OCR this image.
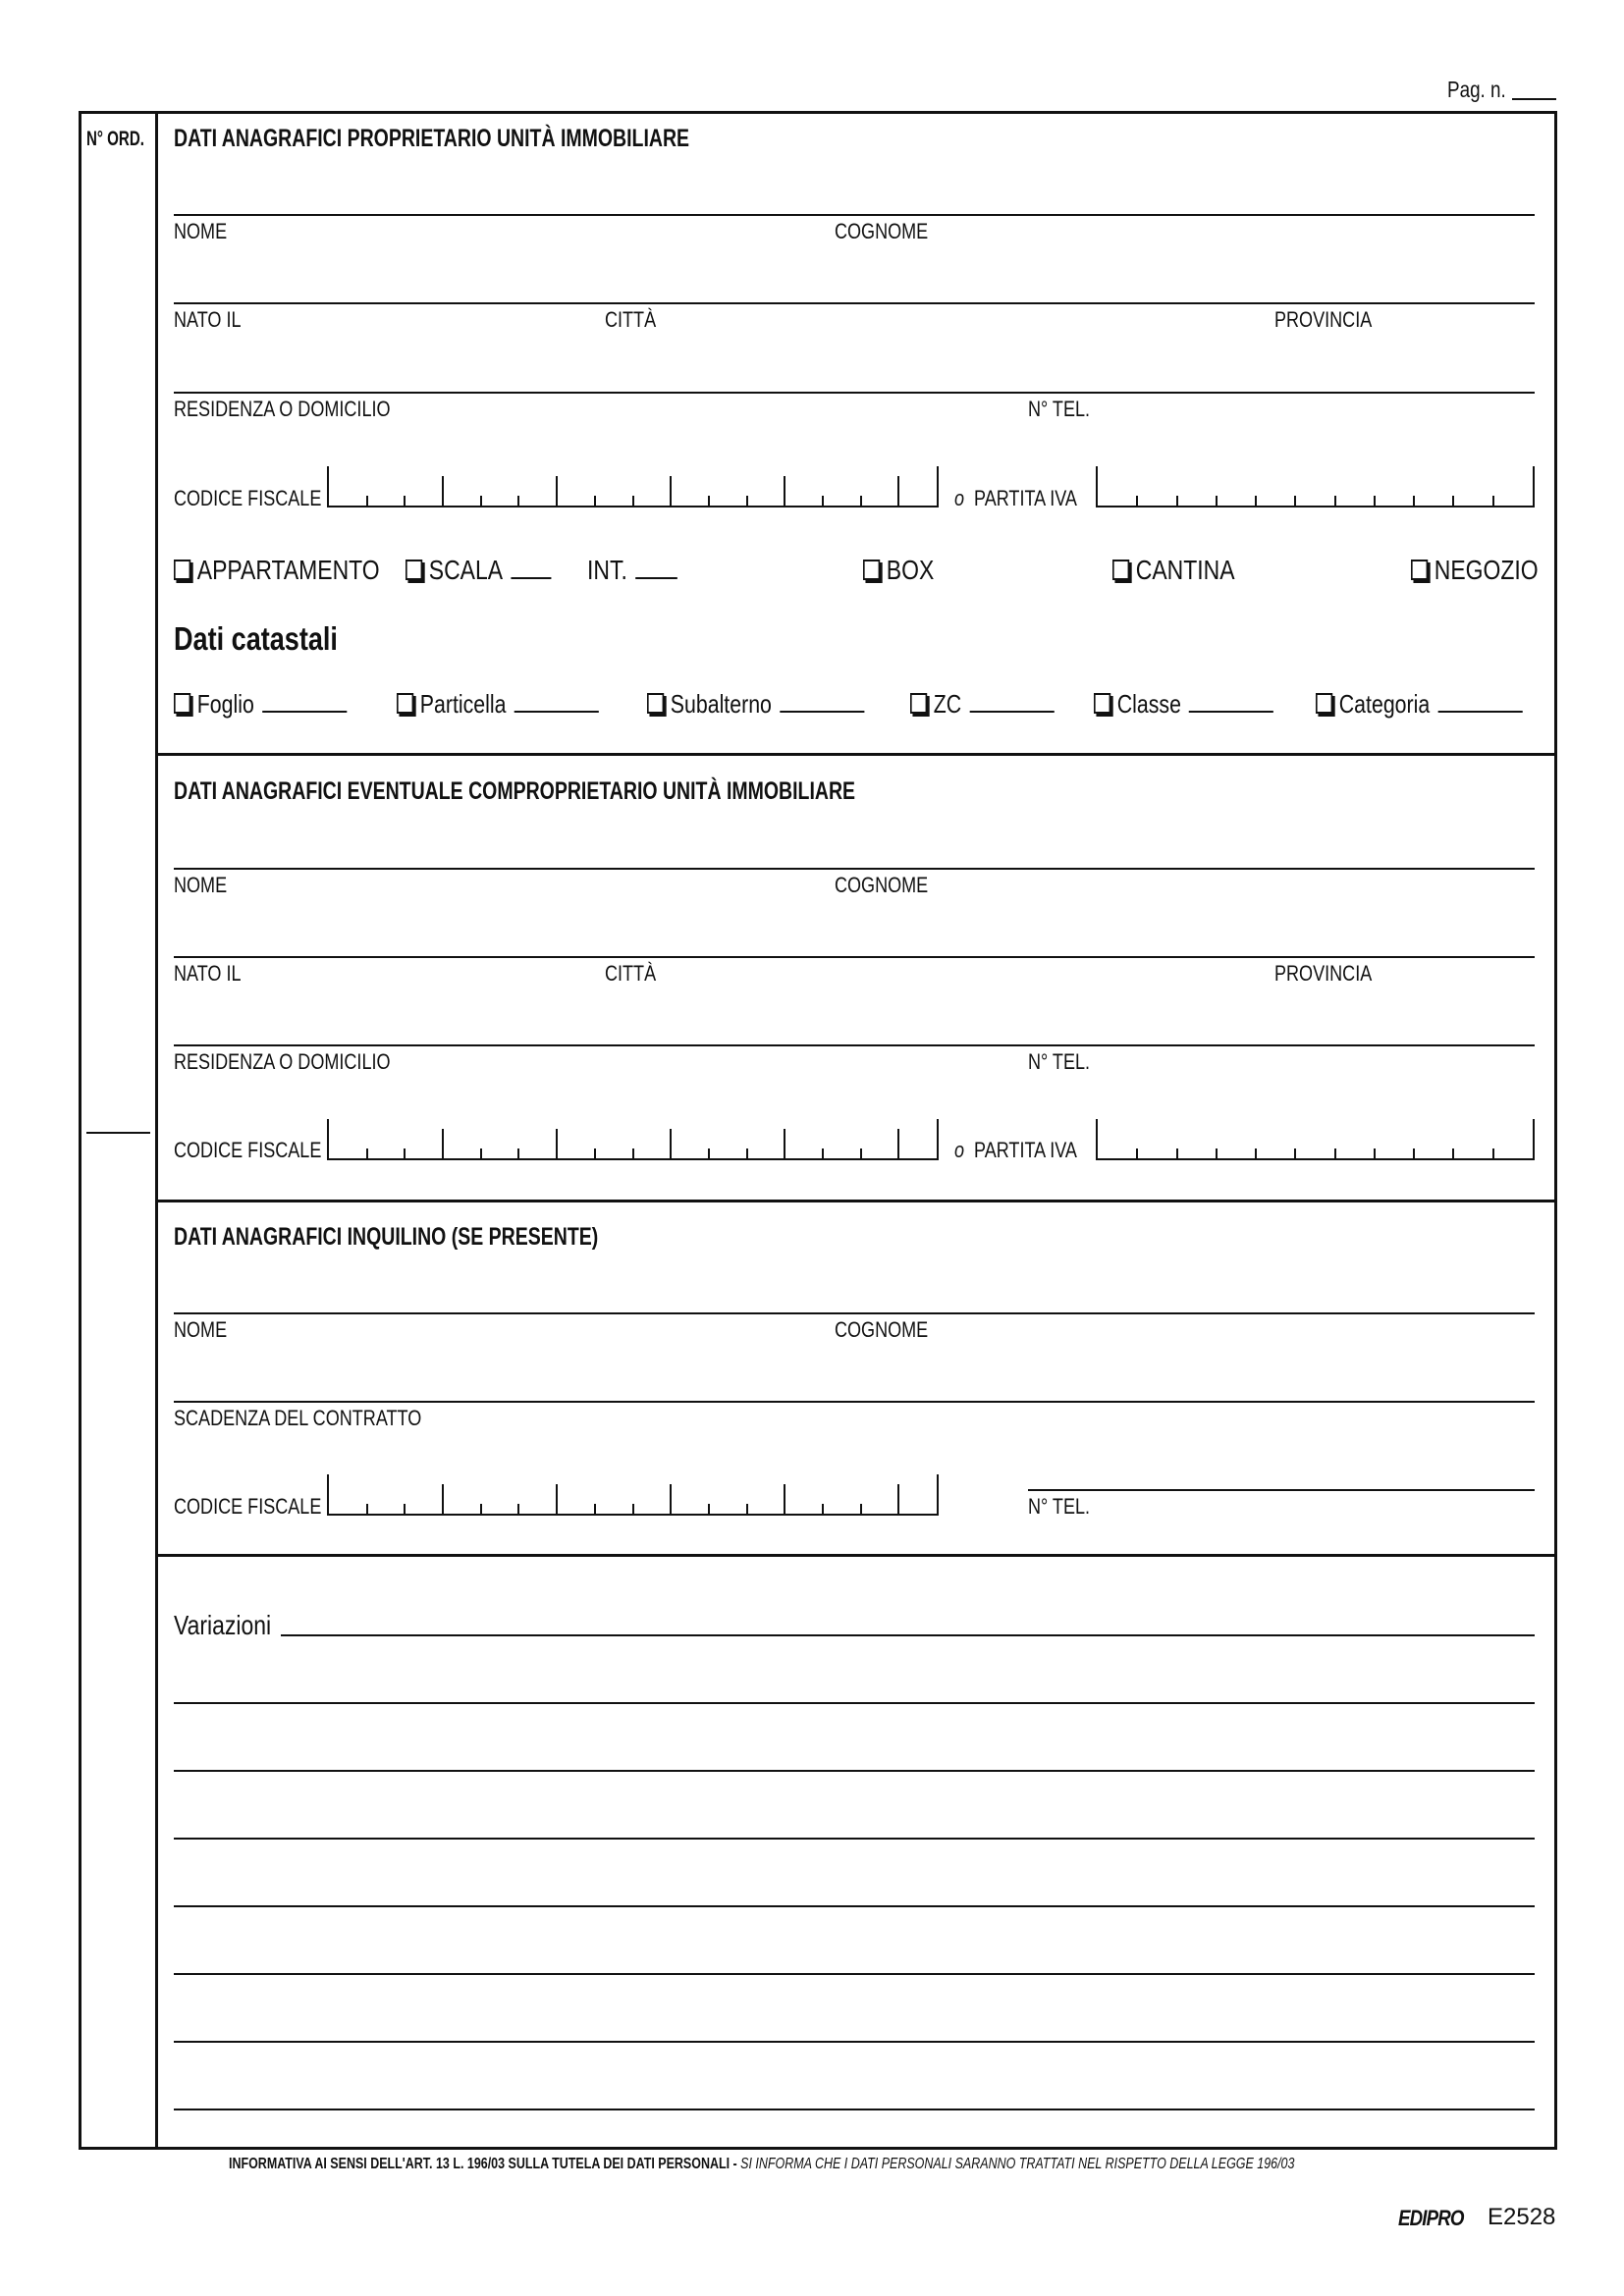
Pag. n.
N° ORD. DATI ANAGRAFICI PROPRIETARIO UNITÀ IMMOBILIARE
NOME	COGNOME
NATO IL	CITTÀ	PROVINCIA
RESIDENZA O DOMICILIO	N° TEL.
CODICE FISCALE	o PARTITA IVA
APPARTAMENTO	SCALA	INT.	BOX	CANTINA	NEGOZIO
Dati catastali
Foglio	Particella	Subalterno	ZC	Classe	Categoria
DATI ANAGRAFICI EVENTUALE COMPROPRIETARIO UNITÀ IMMOBILIARE
NOME	COGNOME
NATO IL	CITTÀ	PROVINCIA
RESIDENZA O DOMICILIO	N° TEL.
CODICE FISCALE	o PARTITA IVA
DATI ANAGRAFICI INQUILINO (SE PRESENTE)
NOME	COGNOME
SCADENZA DEL CONTRATTO
CODICE FISCALE	N° TEL.
Variazioni
INFORMATIVA AI SENSI DELL'ART. 13 L. 196/03 SULLA TUTELA DEI DATI PERSONALI - SI INFORMA CHE I DATI PERSONALI SARANNO TRATTATI NEL RISPETTO DELLA LEGGE 196/03
EDIPRO E2528
